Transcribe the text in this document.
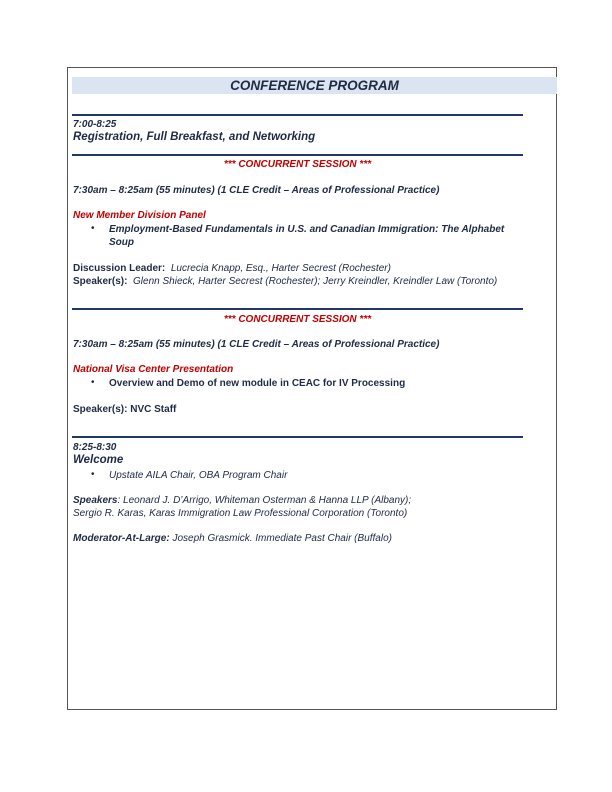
CONFERENCE PROGRAM
7:00-8:25
Registration, Full Breakfast, and Networking
*** CONCURRENT SESSION ***
7:30am – 8:25am (55 minutes) (1 CLE Credit – Areas of Professional Practice)
New Member Division Panel
• Employment-Based Fundamentals in U.S. and Canadian Immigration: The Alphabet
Soup
Discussion Leader: Lucrecia Knapp, Esq., Harter Secrest (Rochester)
Speaker(s): Glenn Shieck, Harter Secrest (Rochester); Jerry Kreindler, Kreindler Law (Toronto)
*** CONCURRENT SESSION ***
7:30am – 8:25am (55 minutes) (1 CLE Credit – Areas of Professional Practice)
National Visa Center Presentation
• Overview and Demo of new module in CEAC for IV Processing
Speaker(s): NVC Staff
8:25-8:30
Welcome
• Upstate AILA Chair, OBA Program Chair
Speakers: Leonard J. D’Arrigo, Whiteman Osterman & Hanna LLP (Albany);
Sergio R. Karas, Karas Immigration Law Professional Corporation (Toronto)
Moderator-At-Large: Joseph Grasmick. Immediate Past Chair (Buffalo)
